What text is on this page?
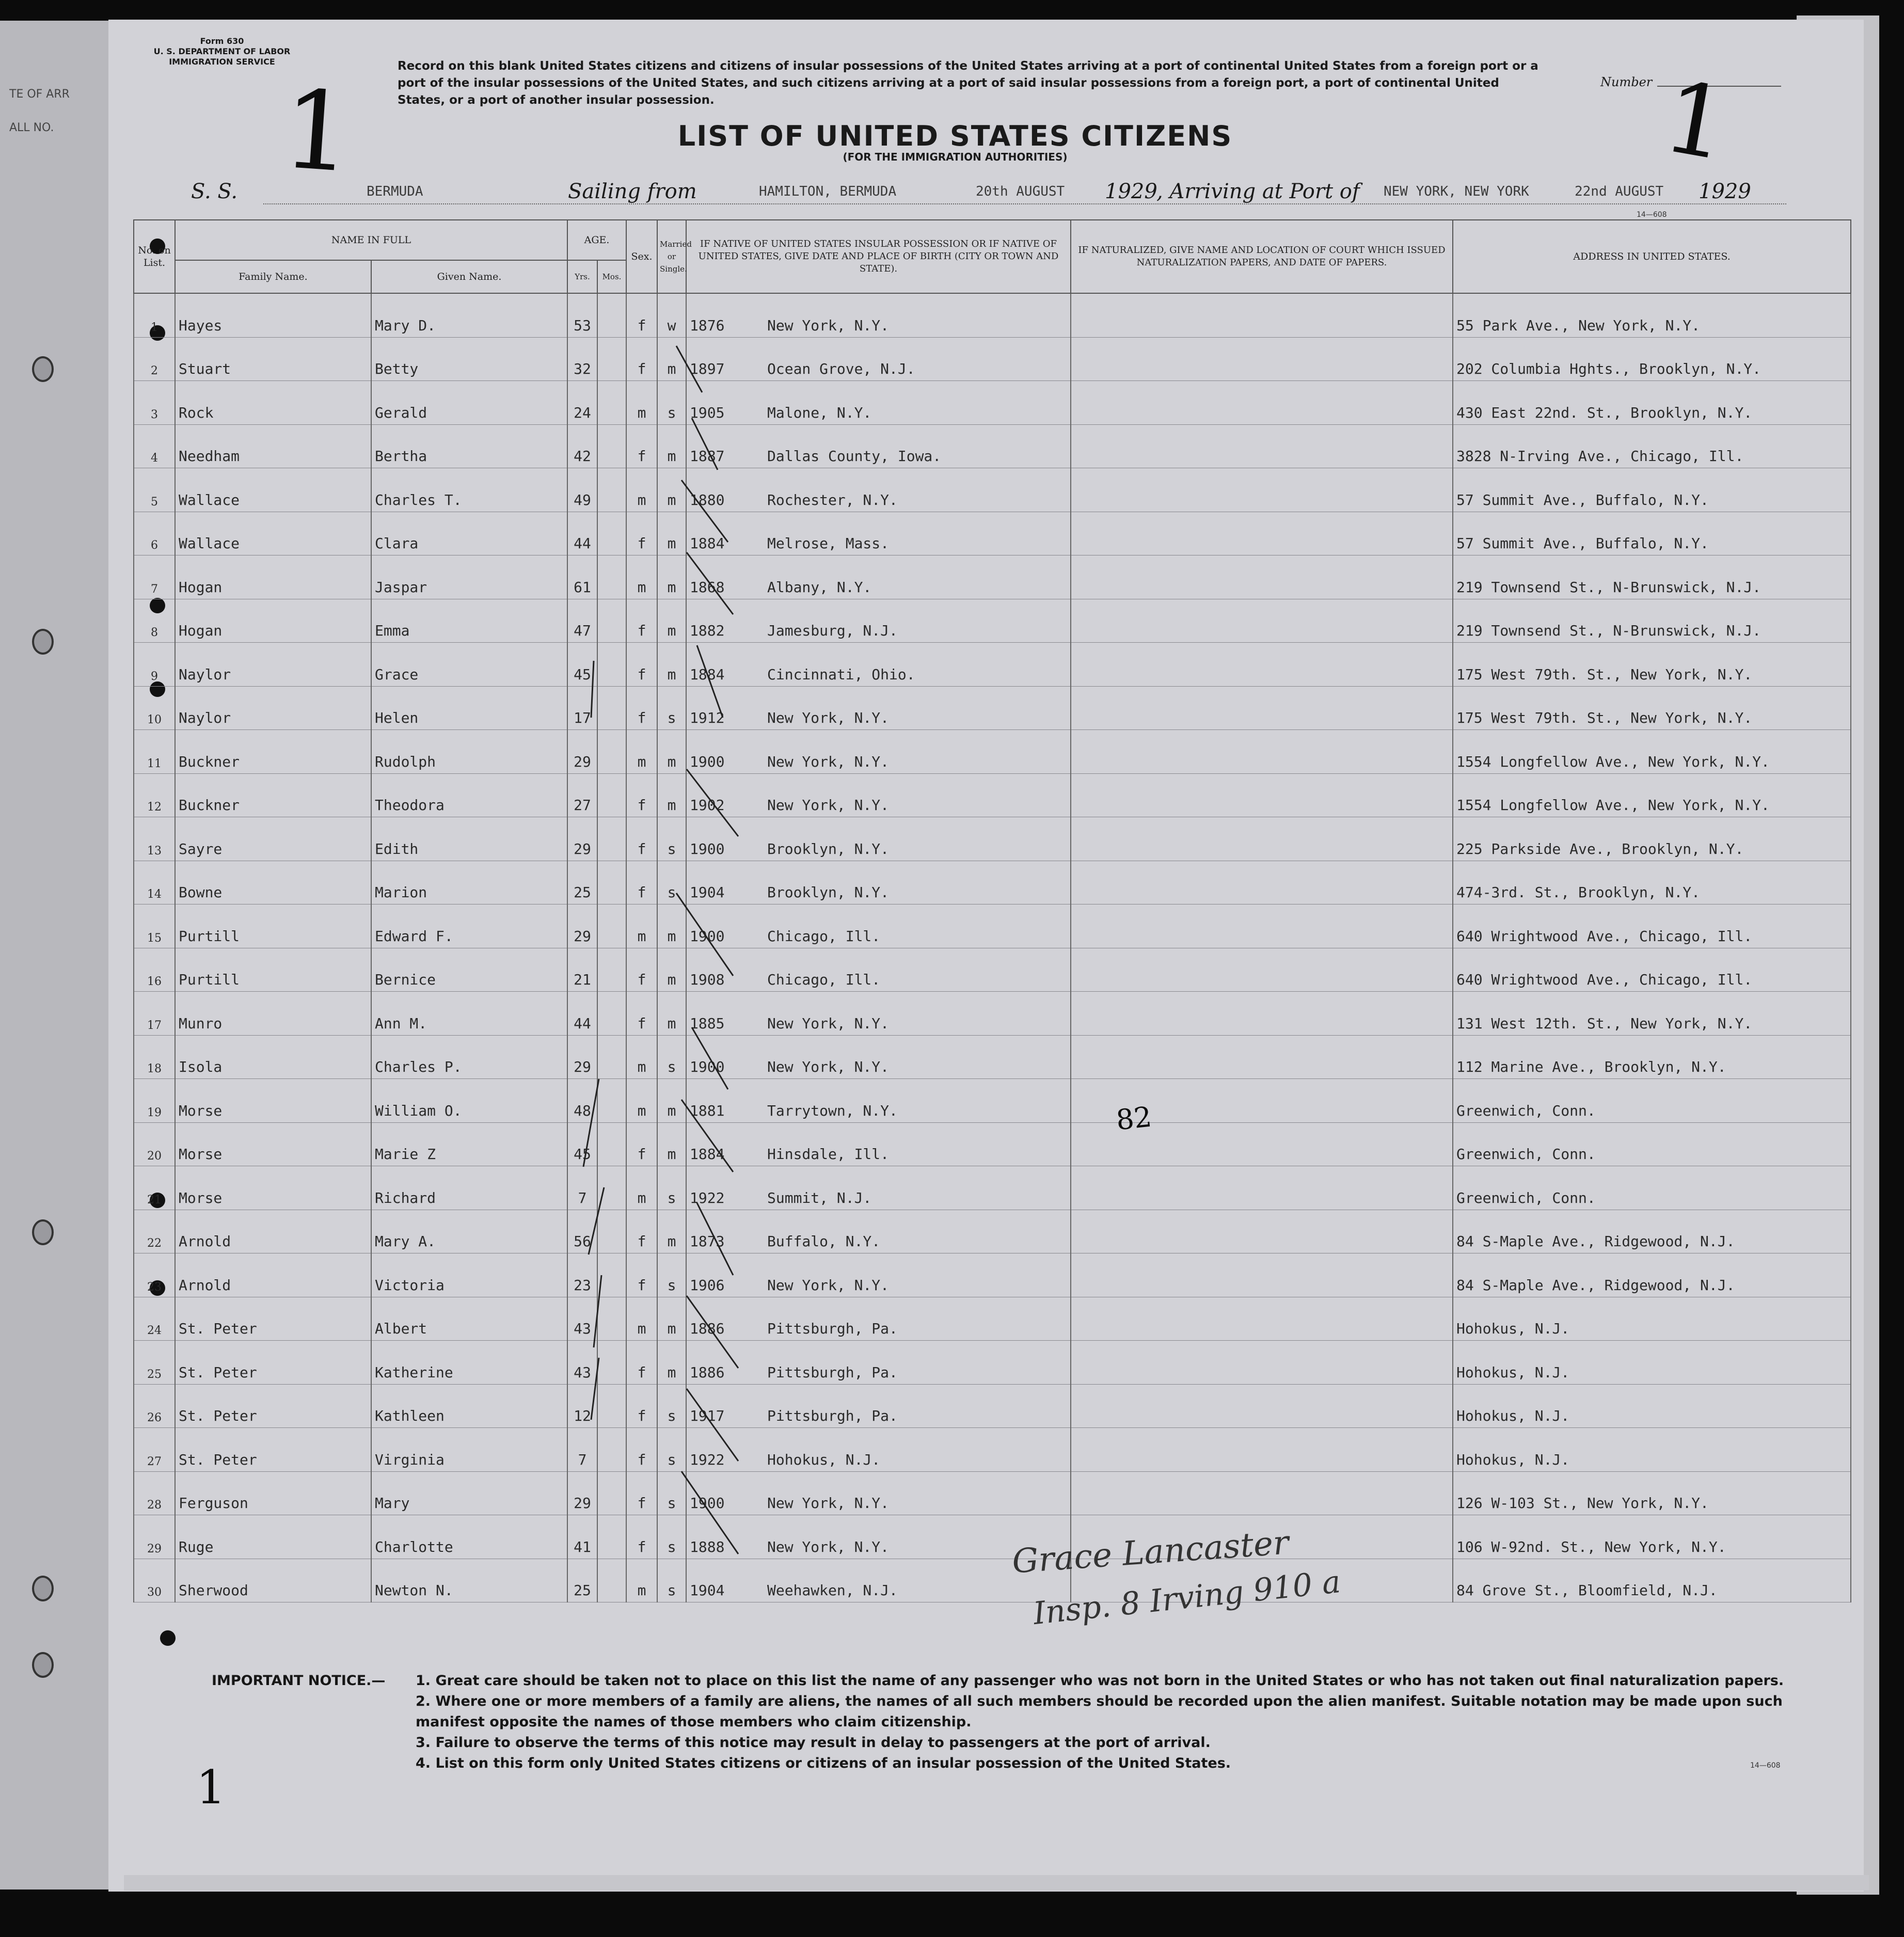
TE OF ARR
ALL NO.
Form 630
U. S. DEPARTMENT OF LABOR
IMMIGRATION SERVICE	Record on this blank United States citizens and citizens of insular possessions of the United States arriving at a port of continental United States from a foreign port or a port of the insular possessions of the United States, and such citizens arriving at a port of said insular possessions from a foreign port, a port of continental United States, or a port of another insular possession.
Number
LIST OF UNITED STATES CITIZENS
(FOR THE IMMIGRATION AUTHORITIES)
1	1
S. S.	BERMUDA	Sailing from	HAMILTON, BERMUDA	20th AUGUST 1929
, Arriving at Port of NEW YORK, NEW YORK	22nd AUGUST 1929
14—608
No. on List.	NAME IN FULL		AGE.		Sex.	Married or Single.	IF NATIVE OF UNITED STATES INSULAR POSSESSION OR IF NATIVE OF UNITED STATES, GIVE DATE AND PLACE OF BIRTH (CITY OR TOWN AND STATE).	IF NATURALIZED, GIVE NAME AND LOCATION OF COURT WHICH ISSUED NATURALIZATION PAPERS, AND DATE OF PAPERS.	ADDRESS IN UNITED STATES.
	Family Name.	Given Name.	Yrs.	Mos.					
1	Hayes	Mary D.	53		f	w	1876 New York, N.Y.		55 Park Ave., New York, N.Y.
2	Stuart	Betty	32		f	m	1897 Ocean Grove, N.J.		202 Columbia Hghts., Brooklyn, N.Y.
3	Rock	Gerald	24		m	s	1905 Malone, N.Y.		430 East 22nd. St., Brooklyn, N.Y.
4	Needham	Bertha	42		f	m	1887 Dallas County, Iowa.		3828 N-Irving Ave., Chicago, Ill.
5	Wallace	Charles T.	49		m	m	1880 Rochester, N.Y.		57 Summit Ave., Buffalo, N.Y.
6	Wallace	Clara	44		f	m	1884 Melrose, Mass.		57 Summit Ave., Buffalo, N.Y.
7	Hogan	Jaspar	61		m	m	1868 Albany, N.Y.		219 Townsend St., N-Brunswick, N.J.
8	Hogan	Emma	47		f	m	1882 Jamesburg, N.J.		219 Townsend St., N-Brunswick, N.J.
9	Naylor	Grace	45		f	m	1884 Cincinnati, Ohio.		175 West 79th. St., New York, N.Y.
10	Naylor	Helen	17		f	s	1912 New York, N.Y.		175 West 79th. St., New York, N.Y.
11	Buckner	Rudolph	29		m	m	1900 New York, N.Y.		1554 Longfellow Ave., New York, N.Y.
12	Buckner	Theodora	27		f	m	1902 New York, N.Y.		1554 Longfellow Ave., New York, N.Y.
13	Sayre	Edith	29		f	s	1900 Brooklyn, N.Y.		225 Parkside Ave., Brooklyn, N.Y.
14	Bowne	Marion	25		f	s	1904 Brooklyn, N.Y.		474-3rd. St., Brooklyn, N.Y.
15	Purtill	Edward F.	29		m	m	1900 Chicago, Ill.		640 Wrightwood Ave., Chicago, Ill.
16	Purtill	Bernice	21		f	m	1908 Chicago, Ill.		640 Wrightwood Ave., Chicago, Ill.
17	Munro	Ann M.	44		f	m	1885 New York, N.Y.		131 West 12th. St., New York, N.Y.
18	Isola	Charles P.	29		m	s	1900 New York, N.Y.		112 Marine Ave., Brooklyn, N.Y.
19	Morse	William O.	48		m	m	1881 Tarrytown, N.Y.		Greenwich, Conn.
20	Morse	Marie Z	45		f	m	1884 Hinsdale, Ill.		Greenwich, Conn.
21	Morse	Richard	7		m	s	1922 Summit, N.J.		Greenwich, Conn.
22	Arnold	Mary A.	56		f	m	1873 Buffalo, N.Y.		84 S-Maple Ave., Ridgewood, N.J.
23	Arnold	Victoria	23		f	s	1906 New York, N.Y.		84 S-Maple Ave., Ridgewood, N.J.
24	St. Peter	Albert	43		m	m	1886 Pittsburgh, Pa.		Hohokus, N.J.
25	St. Peter	Katherine	43		f	m	1886 Pittsburgh, Pa.		Hohokus, N.J.
26	St. Peter	Kathleen	12		f	s	1917 Pittsburgh, Pa.		Hohokus, N.J.
27	St. Peter	Virginia	7		f	s	1922 Hohokus, N.J.		Hohokus, N.J.
28	Ferguson	Mary	29		f	s	1900 New York, N.Y.		126 W-103 St., New York, N.Y.
29	Ruge	Charlotte	41		f	s	1888 New York, N.Y.		106 W-92nd. St., New York, N.Y.
30	Sherwood	Newton N.	25		m	s	1904 Weehawken, N.J.		84 Grove St., Bloomfield, N.J.
82
Grace Lancaster
Insp. 8 Irving 910 a
1
IMPORTANT NOTICE.—	1. Great care should be taken not to place on this list the name of any passenger who was not born in the United States or who has not taken out final naturalization papers.
2. Where one or more members of a family are aliens, the names of all such members should be recorded upon the alien manifest. Suitable notation may be made upon such manifest opposite the names of those members who claim citizenship.
3. Failure to observe the terms of this notice may result in delay to passengers at the port of arrival.
4. List on this form only United States citizens or citizens of an insular possession of the United States.	14—608
